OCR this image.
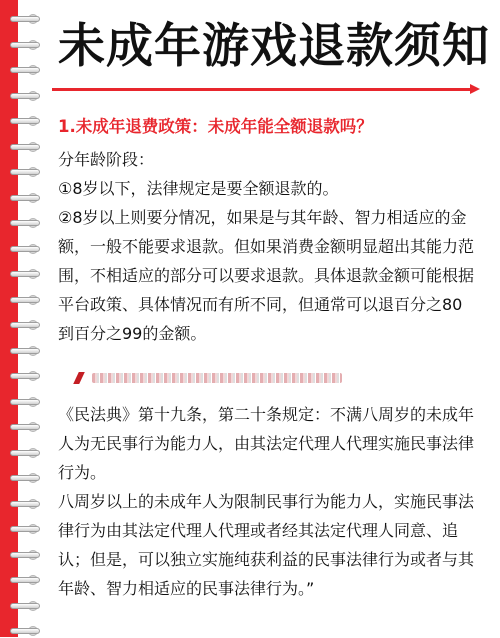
未成年游戏退款须知
1.未成年退费政策：未成年能全额退款吗？

分年龄阶段：

①8岁以下，法律规定是要全额退款的。

②8岁以上则要分情况，如果是与其年龄、智力相适应的金额，一般不能要求退款。但如果消费金额明显超出其能力范围，不相适应的部分可以要求退款。具体退款金额可能根据平台政策、具体情况而有所不同，但通常可以退百分之80到百分之99的金额。

《民法典》第十九条，第二十条规定：不满八周岁的未成年人为无民事行为能力人，由其法定代理人代理实施民事法律行为。

八周岁以上的未成年人为限制民事行为能力人，实施民事法律行为由其法定代理人代理或者经其法定代理人同意、追认；但是，可以独立实施纯获利益的民事法律行为或者与其年龄、智力相适应的民事法律行为。”
